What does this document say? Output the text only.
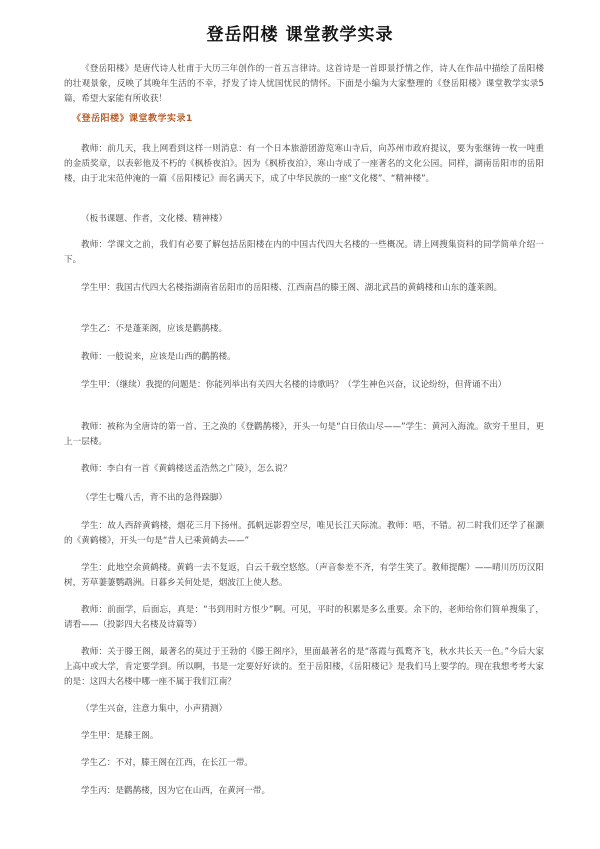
登岳阳楼 课堂教学实录
《登岳阳楼》是唐代诗人杜甫于大历三年创作的一首五言律诗。这首诗是一首即景抒情之作，诗人在作品中描绘了岳阳楼的壮观景象，反映了其晚年生活的不幸，抒发了诗人忧国忧民的情怀。下面是小编为大家整理的《登岳阳楼》课堂教学实录5篇，希望大家能有所收获！
《登岳阳楼》课堂教学实录1
教师：前几天，我上网看到这样一则消息：有一个日本旅游团游览寒山寺后，向苏州市政府提议，要为张继铸一枚一吨重的金质奖章，以表彰他及不朽的《枫桥夜泊》。因为《枫桥夜泊》，寒山寺成了一座著名的文化公园。同样，湖南岳阳市的岳阳楼，由于北宋范仲淹的一篇《岳阳楼记》而名满天下，成了中华民族的一座“文化楼”、“精神楼”。
（板书课题、作者，文化楼、精神楼）
教师：学课文之前，我们有必要了解包括岳阳楼在内的中国古代四大名楼的一些概况。请上网搜集资料的同学简单介绍一下。
学生甲：我国古代四大名楼指湖南省岳阳市的岳阳楼、江西南昌的滕王阁、湖北武昌的黄鹤楼和山东的蓬莱阁。
学生乙：不是蓬莱阁，应该是鹳鹊楼。
教师：一般说来，应该是山西的鹳鹊楼。
学生甲：（继续）我提的问题是：你能列举出有关四大名楼的诗歌吗？（学生神色兴奋，议论纷纷，但背诵不出）
教师：被称为全唐诗的第一首、王之涣的《登鹳鹊楼》，开头一句是“白日依山尽——”学生：黄河入海流。欲穷千里目，更上一层楼。
教师：李白有一首《黄鹤楼送孟浩然之广陵》，怎么说？
（学生七嘴八舌，背不出的急得跺脚）
学生：故人西辞黄鹤楼，烟花三月下扬州。孤帆远影碧空尽，唯见长江天际流。教师：唔，不错。初二时我们还学了崔灏的《黄鹤楼》，开头一句是“昔人已乘黄鹤去——”
学生：此地空余黄鹤楼。黄鹤一去不复返，白云千载空悠悠。（声音参差不齐，有学生笑了。教师提醒）——晴川历历汉阳树，芳草萋萋鹦鹉洲。日暮乡关何处是，烟波江上使人愁。
教师：前面学，后面忘，真是：“书到用时方恨少”啊。可见，平时的积累是多么重要。余下的，老师给你们简单搜集了，请看——（投影四大名楼及诗篇等）
教师：关于滕王阁，最著名的莫过于王勃的《滕王阁序》，里面最著名的是“落霞与孤鹜齐飞，秋水共长天一色。”今后大家上高中或大学，肯定要学到。所以啊，书是一定要好好读的。至于岳阳楼，《岳阳楼记》是我们马上要学的。现在我想考考大家的是：这四大名楼中哪一座不属于我们江南？
（学生兴奋，注意力集中，小声猜测）
学生甲：是滕王阁。
学生乙：不对，滕王阁在江西，在长江一带。
学生丙：是鹳鹊楼，因为它在山西，在黄河一带。
